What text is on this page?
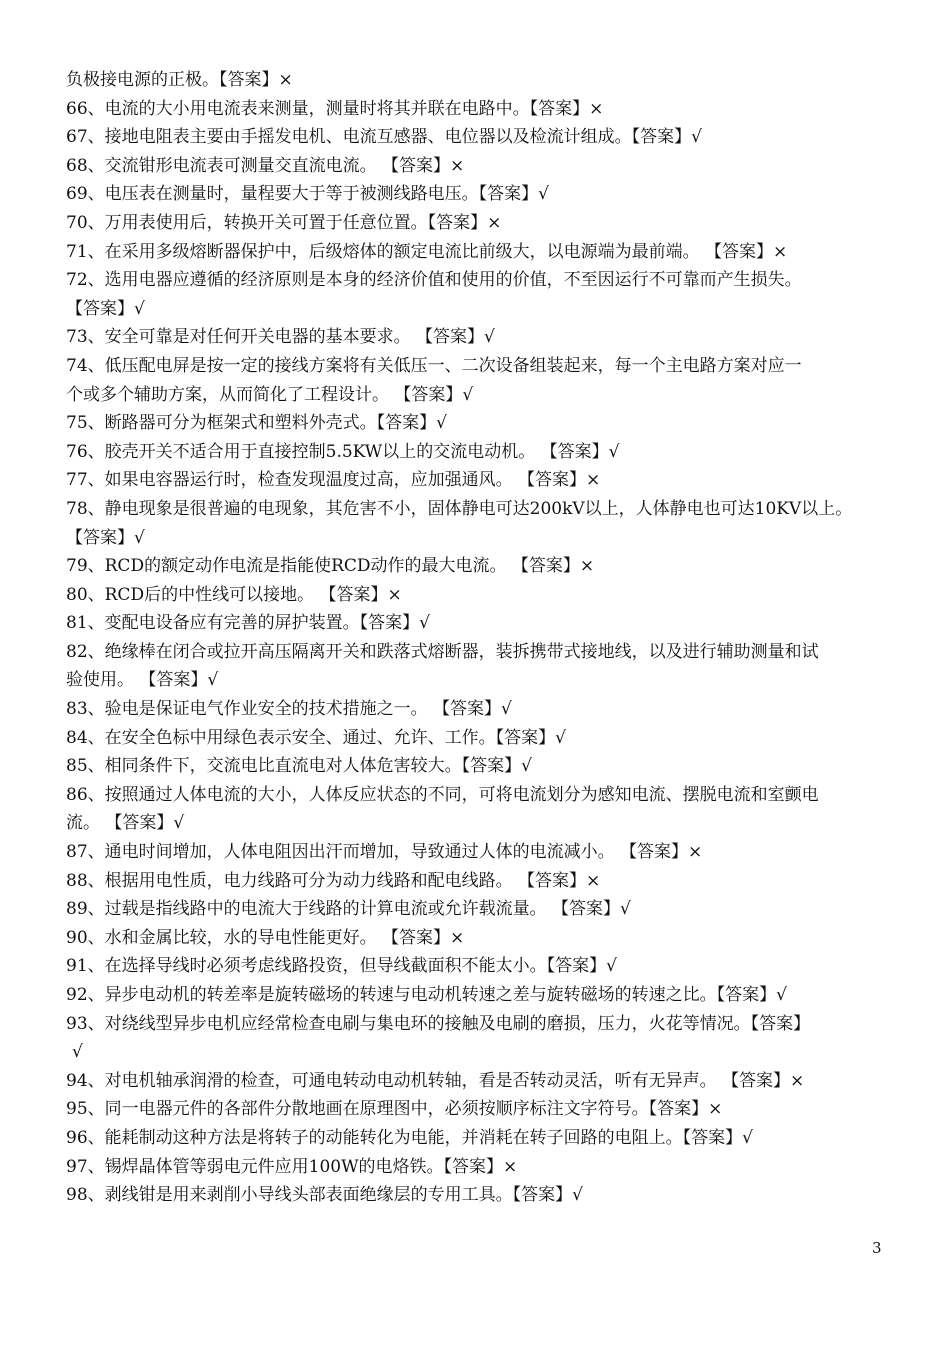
负极接电源的正极。【答案】×
66、电流的大小用电流表来测量，测量时将其并联在电路中。【答案】×
67、接地电阻表主要由手摇发电机、电流互感器、电位器以及检流计组成。【答案】√
68、交流钳形电流表可测量交直流电流。 【答案】×
69、电压表在测量时，量程要大于等于被测线路电压。【答案】√
70、万用表使用后，转换开关可置于任意位置。【答案】×
71、在采用多级熔断器保护中，后级熔体的额定电流比前级大，以电源端为最前端。 【答案】×
72、选用电器应遵循的经济原则是本身的经济价值和使用的价值，不至因运行不可靠而产生损失。
【答案】√
73、安全可靠是对任何开关电器的基本要求。 【答案】√
74、低压配电屏是按一定的接线方案将有关低压一、二次设备组装起来，每一个主电路方案对应一
个或多个辅助方案，从而简化了工程设计。 【答案】√
75、断路器可分为框架式和塑料外壳式。【答案】√
76、胶壳开关不适合用于直接控制5.5KW以上的交流电动机。 【答案】√
77、如果电容器运行时，检查发现温度过高，应加强通风。 【答案】×
78、静电现象是很普遍的电现象，其危害不小，固体静电可达200kV以上，人体静电也可达10KV以上。
【答案】√
79、RCD的额定动作电流是指能使RCD动作的最大电流。 【答案】×
80、RCD后的中性线可以接地。 【答案】×
81、变配电设备应有完善的屏护装置。【答案】√
82、绝缘棒在闭合或拉开高压隔离开关和跌落式熔断器，装拆携带式接地线，以及进行辅助测量和试
验使用。 【答案】√
83、验电是保证电气作业安全的技术措施之一。 【答案】√
84、在安全色标中用绿色表示安全、通过、允许、工作。【答案】√
85、相同条件下，交流电比直流电对人体危害较大。【答案】√
86、按照通过人体电流的大小，人体反应状态的不同，可将电流划分为感知电流、摆脱电流和室颤电
流。 【答案】√
87、通电时间增加，人体电阻因出汗而增加，导致通过人体的电流减小。 【答案】×
88、根据用电性质，电力线路可分为动力线路和配电线路。 【答案】×
89、过载是指线路中的电流大于线路的计算电流或允许载流量。 【答案】√
90、水和金属比较，水的导电性能更好。 【答案】×
91、在选择导线时必须考虑线路投资，但导线截面积不能太小。【答案】√
92、异步电动机的转差率是旋转磁场的转速与电动机转速之差与旋转磁场的转速之比。【答案】√
93、对绕线型异步电机应经常检查电刷与集电环的接触及电刷的磨损，压力，火花等情况。【答案】
√
94、对电机轴承润滑的检查，可通电转动电动机转轴，看是否转动灵活，听有无异声。 【答案】×
95、同一电器元件的各部件分散地画在原理图中，必须按顺序标注文字符号。【答案】×
96、能耗制动这种方法是将转子的动能转化为电能，并消耗在转子回路的电阻上。【答案】√
97、锡焊晶体管等弱电元件应用100W的电烙铁。【答案】×
98、剥线钳是用来剥削小导线头部表面绝缘层的专用工具。【答案】√
3
